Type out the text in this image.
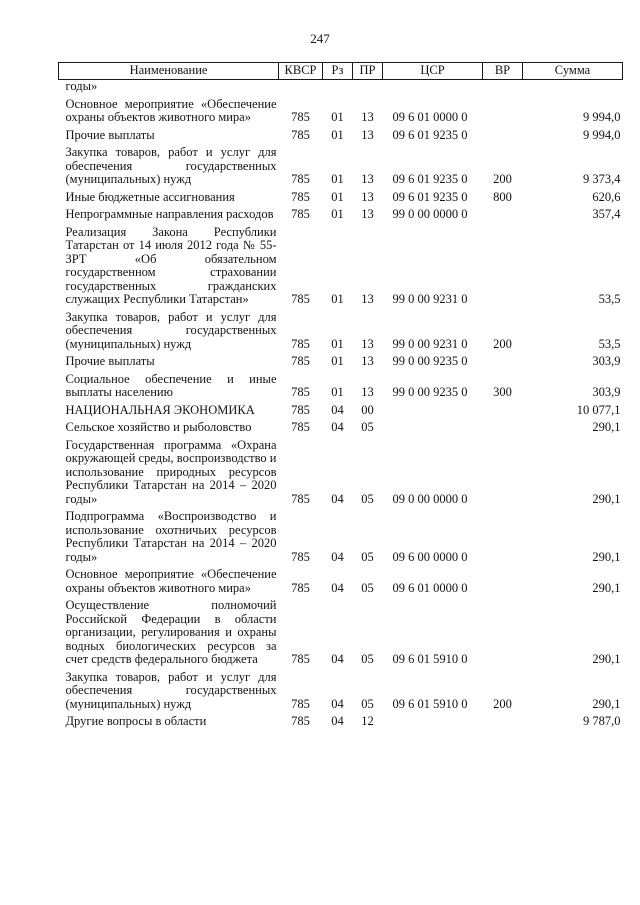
247
Наименование	КВСР	Рз	ПР	ЦСР	ВР	Сумма
годы»						
Основное мероприятие «Обеспечение охраны объектов животного мира»	785	01	13	09 6 01 0000 0		9 994,0
Прочие выплаты	785	01	13	09 6 01 9235 0		9 994,0
Закупка товаров, работ и услуг для обеспечения государственных (муниципальных) нужд	785	01	13	09 6 01 9235 0	200	9 373,4
Иные бюджетные ассигнования	785	01	13	09 6 01 9235 0	800	620,6
Непрограммные направления расходов	785	01	13	99 0 00 0000 0		357,4
Реализация Закона Республики Татарстан от 14 июля 2012 года № 55-ЗРТ «Об обязательном государственном страховании государственных гражданских служащих Республики Татарстан»	785	01	13	99 0 00 9231 0		53,5
Закупка товаров, работ и услуг для обеспечения государственных (муниципальных) нужд	785	01	13	99 0 00 9231 0	200	53,5
Прочие выплаты	785	01	13	99 0 00 9235 0		303,9
Социальное обеспечение и иные выплаты населению	785	01	13	99 0 00 9235 0	300	303,9
НАЦИОНАЛЬНАЯ ЭКОНОМИКА	785	04	00			10 077,1
Сельское хозяйство и рыболовство	785	04	05			290,1
Государственная программа «Охрана окружающей среды, воспроизводство и использование природных ресурсов Республики Татарстан на 2014 – 2020 годы»	785	04	05	09 0 00 0000 0		290,1
Подпрограмма «Воспроизводство и использование охотничьих ресурсов Республики Татарстан на 2014 – 2020 годы»	785	04	05	09 6 00 0000 0		290,1
Основное мероприятие «Обеспечение охраны объектов животного мира»	785	04	05	09 6 01 0000 0		290,1
Осуществление полномочий Российской Федерации в области организации, регулирования и охраны водных биологических ресурсов за счет средств федерального бюджета	785	04	05	09 6 01 5910 0		290,1
Закупка товаров, работ и услуг для обеспечения государственных (муниципальных) нужд	785	04	05	09 6 01 5910 0	200	290,1
Другие вопросы в области	785	04	12			9 787,0
